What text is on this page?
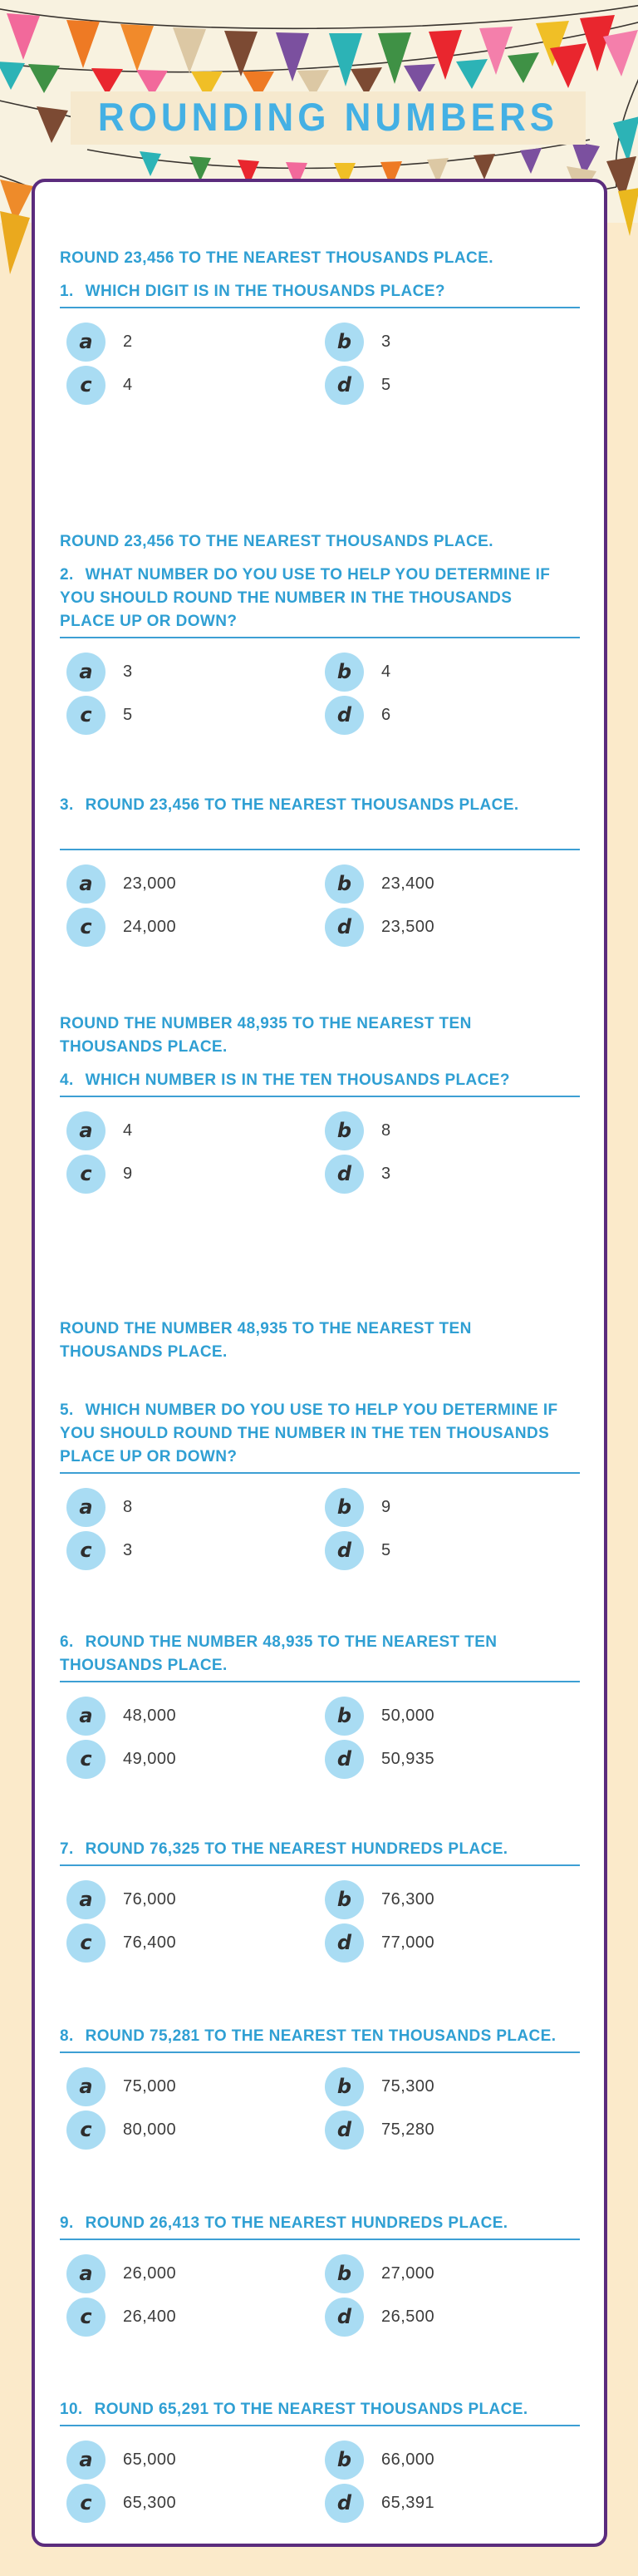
ROUNDING NUMBERS

ROUND 23,456 TO THE NEAREST THOUSANDS PLACE.

1. WHICH DIGIT IS IN THE THOUSANDS PLACE?

a	2	b	3
c	4	d	5

ROUND 23,456 TO THE NEAREST THOUSANDS PLACE.

2. WHAT NUMBER DO YOU USE TO HELP YOU DETERMINE IF YOU SHOULD ROUND THE NUMBER IN THE THOUSANDS PLACE UP OR DOWN?

a	3	b	4
c	5	d	6

3. ROUND 23,456 TO THE NEAREST THOUSANDS PLACE.

a	23,000	b	23,400
c	24,000	d	23,500

ROUND THE NUMBER 48,935 TO THE NEAREST TEN THOUSANDS PLACE.

4. WHICH NUMBER IS IN THE TEN THOUSANDS PLACE?

a	4	b	8
c	9	d	3

ROUND THE NUMBER 48,935 TO THE NEAREST TEN THOUSANDS PLACE.

5. WHICH NUMBER DO YOU USE TO HELP YOU DETERMINE IF YOU SHOULD ROUND THE NUMBER IN THE TEN THOUSANDS PLACE UP OR DOWN?

a	8	b	9
c	3	d	5

6. ROUND THE NUMBER 48,935 TO THE NEAREST TEN THOUSANDS PLACE.

a	48,000	b	50,000
c	49,000	d	50,935

7. ROUND 76,325 TO THE NEAREST HUNDREDS PLACE.

a	76,000	b	76,300
c	76,400	d	77,000

8. ROUND 75,281 TO THE NEAREST TEN THOUSANDS PLACE.

a	75,000	b	75,300
c	80,000	d	75,280

9. ROUND 26,413 TO THE NEAREST HUNDREDS PLACE.

a	26,000	b	27,000
c	26,400	d	26,500

10. ROUND 65,291 TO THE NEAREST THOUSANDS PLACE.

a	65,000	b	66,000
c	65,300	d	65,391
